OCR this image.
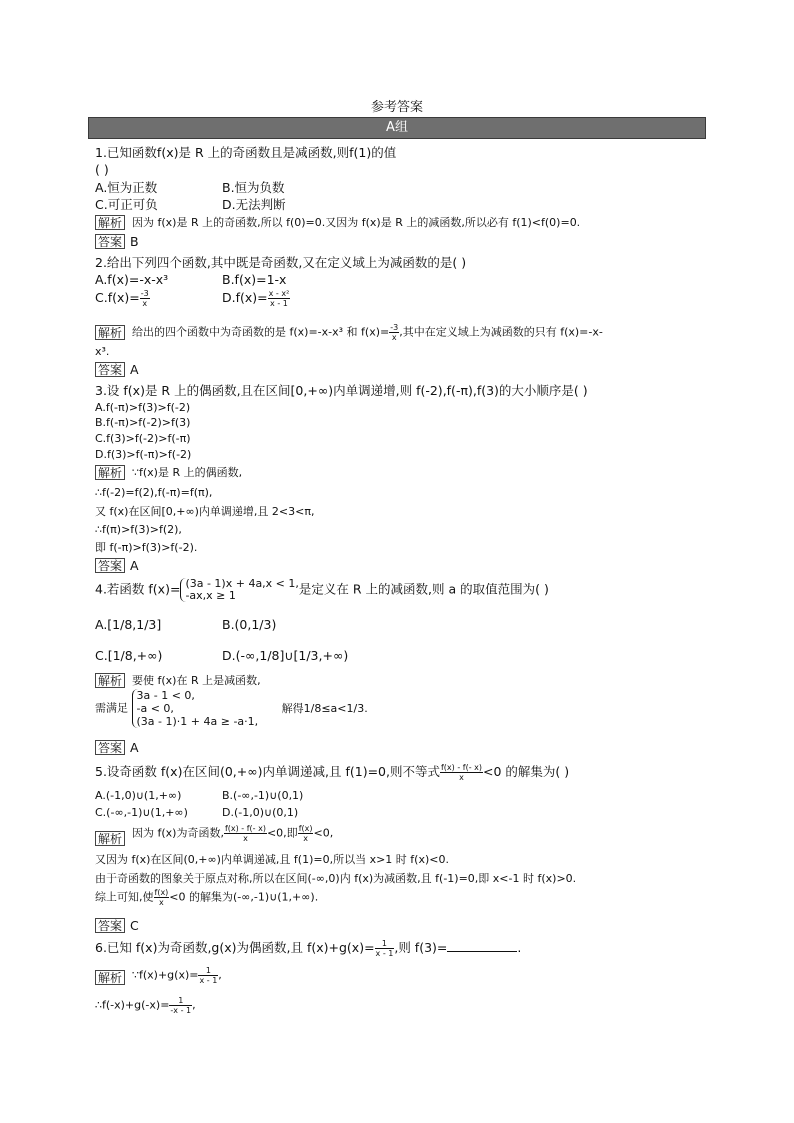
参考答案
A组
1.已知函数f(x)是 R 上的奇函数且是减函数,则f(1)的值
( )
A.恒为正数	B.恒为负数
C.可正可负	D.无法判断
解析 因为 f(x)是 R 上的奇函数,所以 f(0)=0.又因为 f(x)是 R 上的减函数,所以必有 f(1)<f(0)=0.
答案 B
2.给出下列四个函数,其中既是奇函数,又在定义域上为减函数的是( )
A.f(x)=-x-x³	B.f(x)=1-x
$C.f(x)= \frac{-3}{x}$	$D.f(x)= \frac{\text{x - x²}}{x - 1}$
解析 给出的四个函数中为奇函数的是 f(x)=-x-x³ 和 $f(x)= \frac{-3}{x}$ ,其中在定义域上为减函数的只有 f(x)=-x-
x³.
答案 A
3.设 f(x)是 R 上的偶函数,且在区间[0,+∞)内单调递增,则 f(-2),f(-π),f(3)的大小顺序是( )
A.f(-π)>f(3)>f(-2)
B.f(-π)>f(-2)>f(3)
C.f(3)>f(-2)>f(-π)
D.f(3)>f(-π)>f(-2)
解析 ∵f(x)是 R 上的偶函数,
∴f(-2)=f(2),f(-π)=f(π),
又 f(x)在区间[0,+∞)内单调递增,且 2<3<π,
∴f(π)>f(3)>f(2),
即 f(-π)>f(3)>f(-2).
答案 A
4.若函数 f(x)= (3a - 1)x + 4a,x < 1,
-ax,x ≥ 1	是定义在 R 上的减函数,则 a 的取值范围为( )
A.[1/8,1/3]	B.(0,1/3)
C.[1/8,+∞)	D.(-∞,1/8]∪[1/3,+∞)
解析 要使 f(x)在 R 上是减函数,
需满足
3a - 1 < 0,
-a < 0,
(3a - 1)·1 + 4a ≥ -a·1,
解得1/8≤a<1/3.
答案 A
5.设奇函数 f(x)在区间(0,+∞)内单调递减,且 f(1)=0,则不等式 $\frac{f(x) - f(- x)}{x} <0$ 的解集为( )
A.(-1,0)∪(1,+∞)	B.(-∞,-1)∪(0,1)
C.(-∞,-1)∪(1,+∞)	D.(-1,0)∪(0,1)
解析 因为 f(x)为奇函数, $\frac{f(x) - f(- x)}{x} <0$,即 $\frac{f(x)}{x} <0$,
又因为 f(x)在区间(0,+∞)内单调递减,且 f(1)=0,所以当 x>1 时 f(x)<0.
由于奇函数的图象关于原点对称,所以在区间(-∞,0)内 f(x)为减函数,且 f(-1)=0,即 x<-1 时 f(x)>0.
综上可知,使 $\frac{f(x)}{x} <0$ 的解集为(-∞,-1)∪(1,+∞).
答案 C
6.已知 f(x)为奇函数,g(x)为偶函数,且 $f(x)+g(x)= \frac{1}{x - 1}$ ,则 f(3)=	.
解析 ∵f(x)+g(x)= $\frac{1}{x - 1}$ ,
∴f(-x)+g(-x)= $\frac{1}{-x - 1}$ ,
